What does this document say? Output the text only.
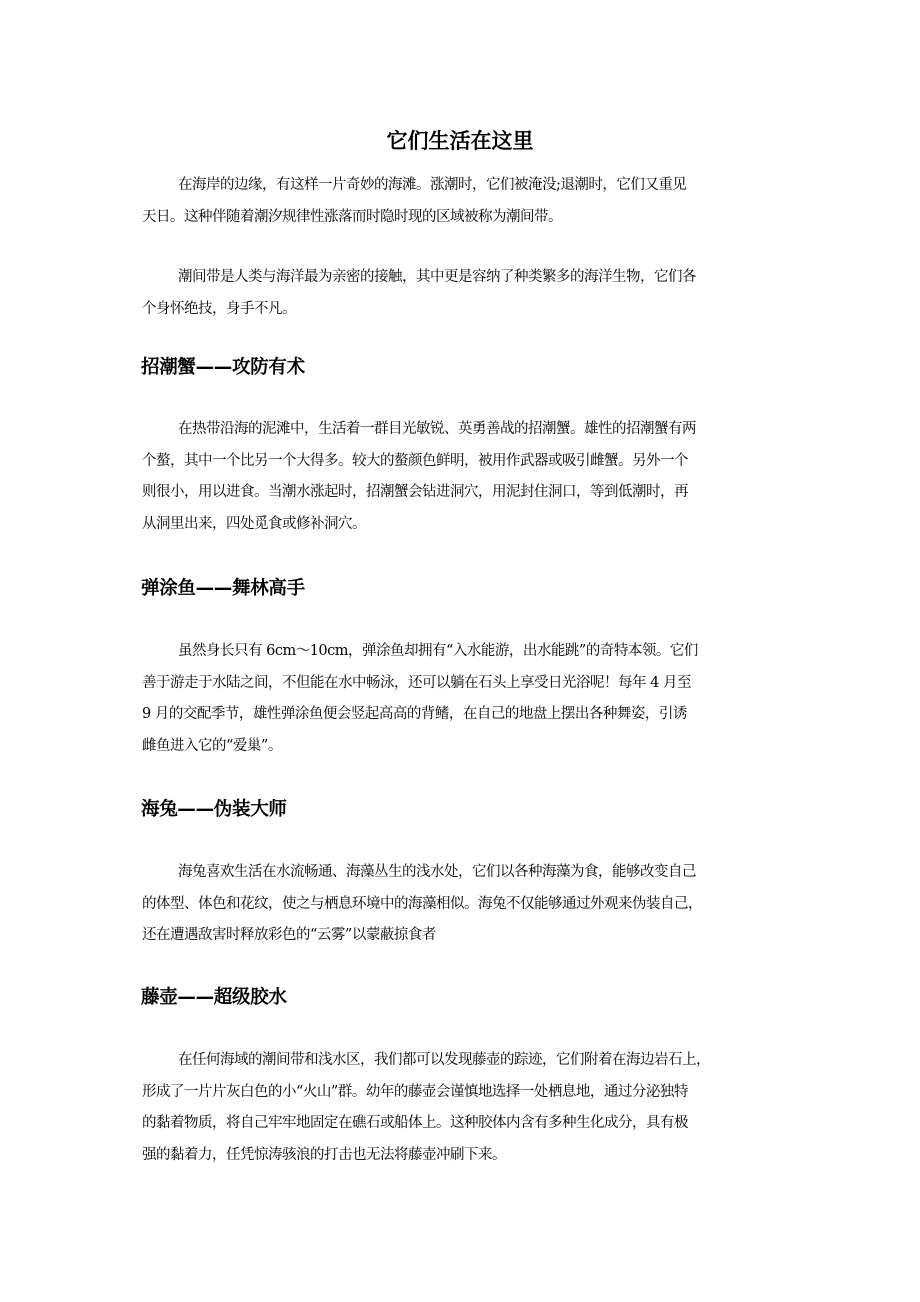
它们生活在这里
在海岸的边缘，有这样一片奇妙的海滩。涨潮时，它们被淹没;退潮时，它们又重见
天日。这种伴随着潮汐规律性涨落而时隐时现的区域被称为潮间带。
潮间带是人类与海洋最为亲密的接触，其中更是容纳了种类繁多的海洋生物，它们各
个身怀绝技，身手不凡。
招潮蟹——攻防有术
在热带沿海的泥滩中，生活着一群目光敏锐、英勇善战的招潮蟹。雄性的招潮蟹有两
个螯，其中一个比另一个大得多。较大的螯颜色鲜明，被用作武器或吸引雌蟹。另外一个
则很小，用以进食。当潮水涨起时，招潮蟹会钻进洞穴，用泥封住洞口，等到低潮时，再
从洞里出来，四处觅食或修补洞穴。
弹涂鱼——舞林高手
虽然身长只有 6cm～10cm，弹涂鱼却拥有“入水能游，出水能跳”的奇特本领。它们
善于游走于水陆之间，不但能在水中畅泳，还可以躺在石头上享受日光浴呢！每年 4 月至
9 月的交配季节，雄性弹涂鱼便会竖起高高的背鳍，在自己的地盘上摆出各种舞姿，引诱
雌鱼进入它的“爱巢”。
海兔——伪装大师
海兔喜欢生活在水流畅通、海藻丛生的浅水处，它们以各种海藻为食，能够改变自己
的体型、体色和花纹，使之与栖息环境中的海藻相似。海兔不仅能够通过外观来伪装自己，
还在遭遇敌害时释放彩色的“云雾”以蒙蔽掠食者
藤壶——超级胶水
在任何海域的潮间带和浅水区，我们都可以发现藤壶的踪迹，它们附着在海边岩石上，
形成了一片片灰白色的小“火山”群。幼年的藤壶会谨慎地选择一处栖息地，通过分泌独特
的黏着物质，将自己牢牢地固定在礁石或船体上。这种胶体内含有多种生化成分，具有极
强的黏着力，任凭惊涛骇浪的打击也无法将藤壶冲刷下来。
